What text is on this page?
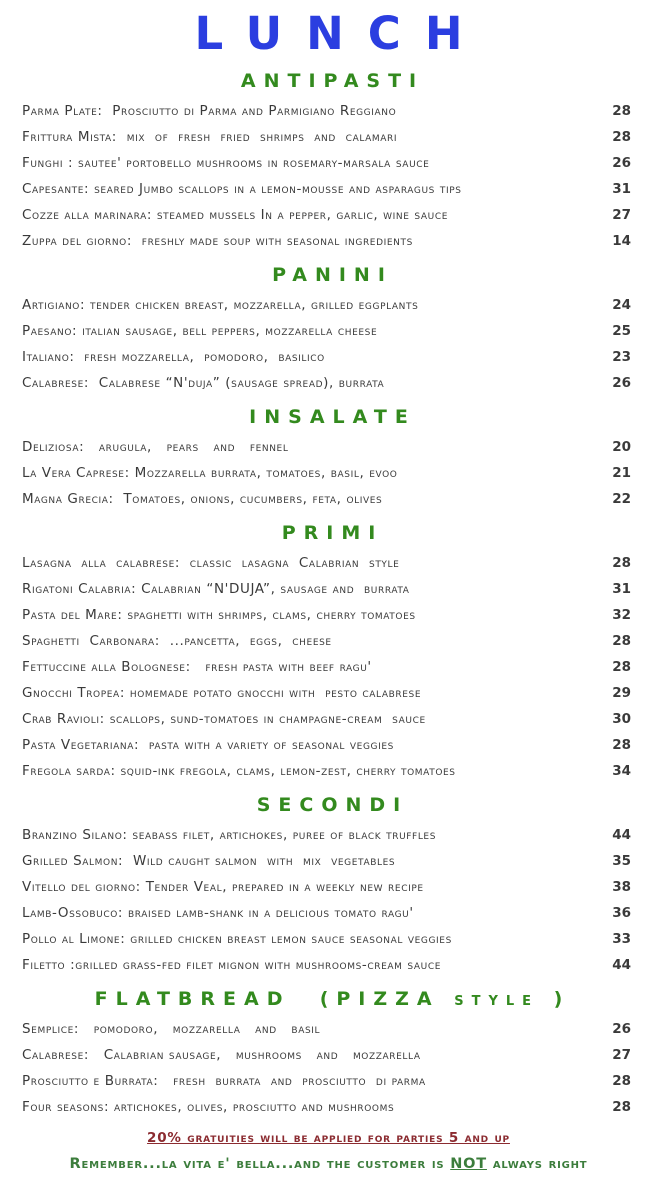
LUNCH
ANTIPASTI
Parma Plate:  Prosciutto di Parma and Parmigiano Reggiano	28
Frittura Mista:  mix  of  fresh  fried  shrimps  and  calamari	28
Funghi : sautee' portobello mushrooms in rosemary-marsala sauce	26
Capesante: seared Jumbo scallops in a lemon-mousse and asparagus tips	31
Cozze alla marinara: steamed mussels In a pepper, garlic, wine sauce	27
Zuppa del giorno:  freshly made soup with seasonal ingredients	14
PANINI
Artigiano: tender chicken breast, mozzarella, grilled eggplants	24
Paesano: italian sausage, bell peppers, mozzarella cheese	25
Italiano:  fresh mozzarella,  pomodoro,  basilico	23
Calabrese:  Calabrese “N'duja” (sausage spread), burrata	26
INSALATE
Deliziosa:   arugula,   pears   and   fennel	20
La Vera Caprese: Mozzarella burrata, tomatoes, basil, evoo	21
Magna Grecia:  Tomatoes, onions, cucumbers, feta, olives	22
PRIMI
Lasagna  alla  calabrese:  classic  lasagna  Calabrian  style	28
Rigatoni Calabria: Calabrian “N'DUJA”, sausage and  burrata	31
Pasta del Mare: spaghetti with shrimps, clams, cherry tomatoes	32
Spaghetti  Carbonara:  ...pancetta,  eggs,  cheese	28
Fettuccine alla Bolognese:   fresh pasta with beef ragu'	28
Gnocchi Tropea: homemade potato gnocchi with  pesto calabrese	29
Crab Ravioli: scallops, sund-tomatoes in champagne-cream  sauce	30
Pasta Vegetariana:  pasta with a variety of seasonal veggies	28
Fregola sarda: squid-ink fregola, clams, lemon-zest, cherry tomatoes	34
SECONDI
Branzino Silano: seabass filet, artichokes, puree of black truffles	44
Grilled Salmon:  Wild caught salmon  with  mix  vegetables	35
Vitello del giorno: Tender Veal, prepared in a weekly new recipe	38
Lamb-Ossobuco: braised lamb-shank in a delicious tomato ragu'	36
Pollo al Limone: grilled chicken breast lemon sauce seasonal veggies	33
Filetto :grilled grass-fed filet mignon with mushrooms-cream sauce	44
FLATBREAD  (PIZZA style )
Semplice:   pomodoro,   mozzarella   and   basil	26
Calabrese:   Calabrian sausage,   mushrooms   and   mozzarella	27
Prosciutto e Burrata:   fresh  burrata  and  prosciutto  di parma	28
Four seasons: artichokes, olives, prosciutto and mushrooms	28
20% gratuities will be applied for parties 5 and up
Remember...la vita e' bella...and the customer is NOT always right
